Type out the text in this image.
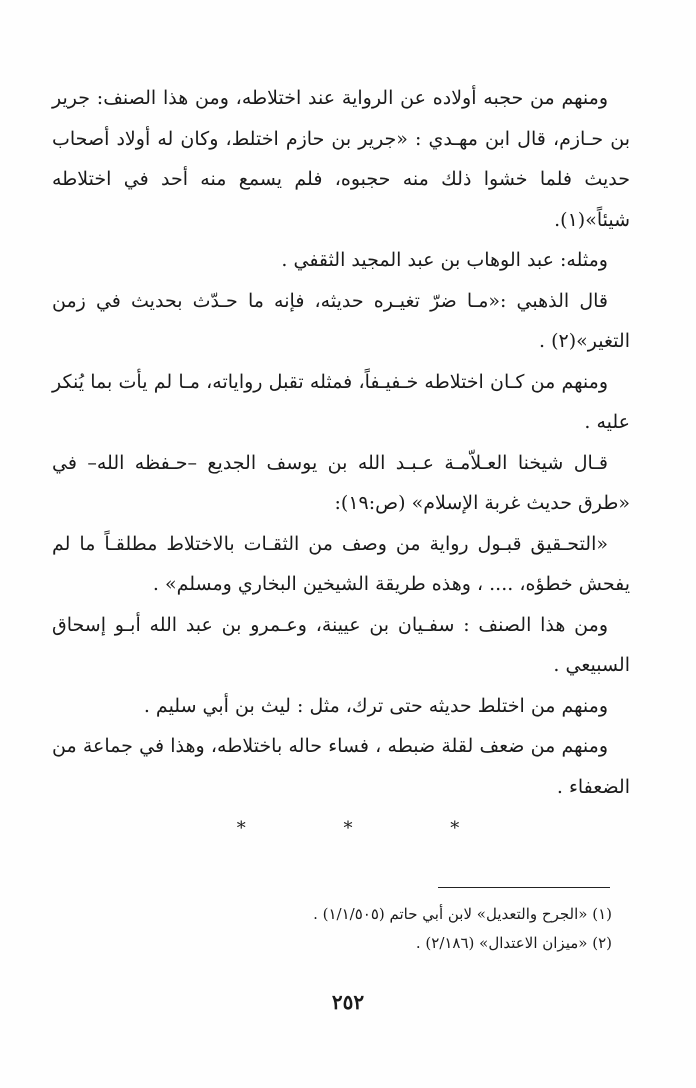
ومنهم من حجبه أولاده عن الرواية عند اختلاطه، ومن هذا الصنف: جرير بن حـازم، قال ابن مهـدي : «جرير بن حازم اختلط، وكان له أولاد أصحاب حديث فلما خشوا ذلك منه حجبوه، فلم يسمع منه أحد في اختلاطه شيئاً»(١).

ومثله: عبد الوهاب بن عبد المجيد الثقفي .

قال الذهبي :«مـا ضرّ تغيـره حديثه، فإنه ما حـدّث بحديث في زمن التغير»(٢) .

ومنهم من كـان اختلاطه خـفيـفاً، فمثله تقبل رواياته، مـا لم يأت بما يُنكر عليه .

قـال شيخنا العـلاّمـة عـبـد الله بن يوسف الجديع –حـفظه الله– في «طرق حديث غربة الإسلام» (ص:١٩):

«التحـقيق قبـول رواية من وصف من الثقـات بالاختلاط مطلقـاً ما لم يفحش خطؤه، .... ، وهذه طريقة الشيخين البخاري ومسلم» .

ومن هذا الصنف : سفـيان بن عيينة، وعـمرو بن عبد الله أبـو إسحاق السبيعي .

ومنهم من اختلط حديثه حتى ترك، مثل : ليث بن أبي سليم .

ومنهم من ضعف لقلة ضبطه ، فساء حاله باختلاطه، وهذا في جماعة من الضعفاء .

* * *

(١) «الجرح والتعديل» لابن أبي حاتم (١/١/٥٠٥) .

(٢) «ميزان الاعتدال» (٢/١٨٦) .

٢٥٢
